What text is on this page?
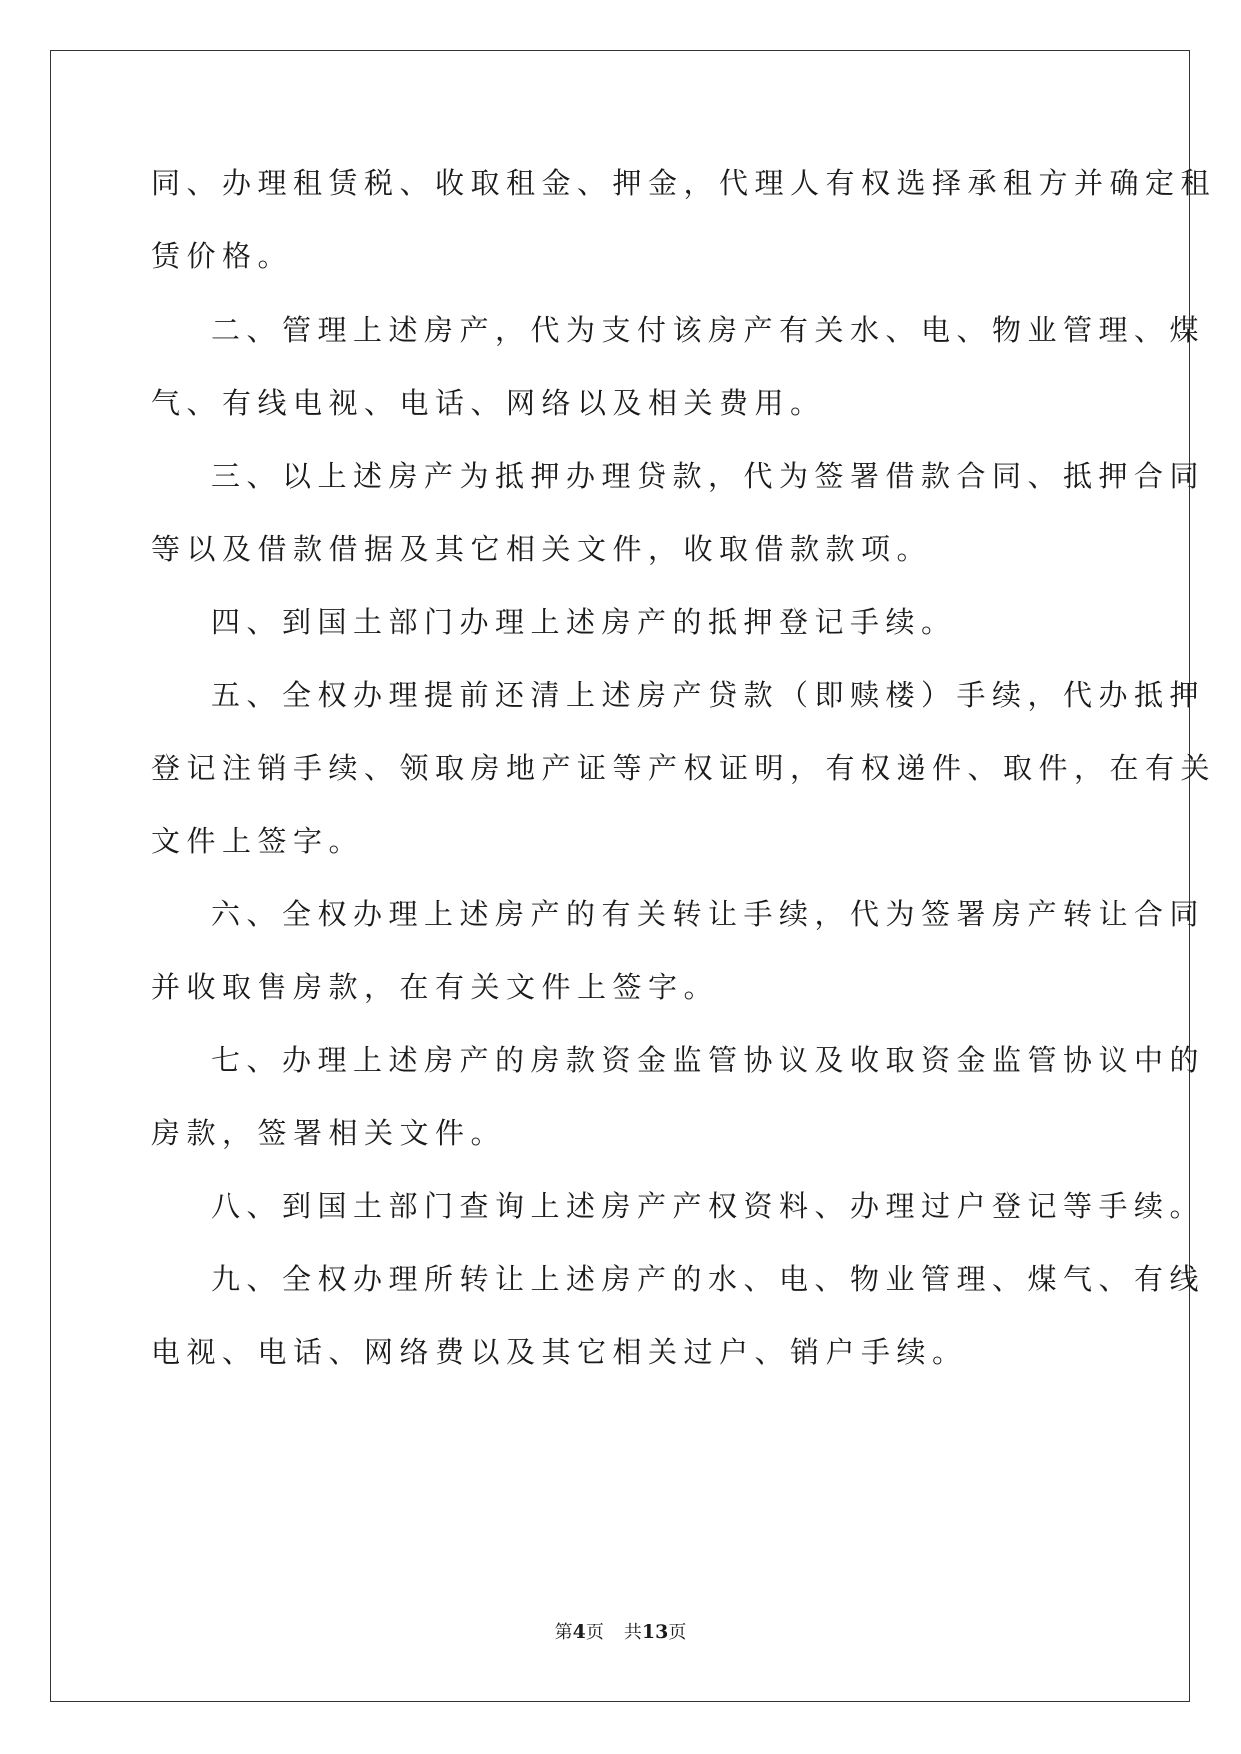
同、办理租赁税、收取租金、押金，代理人有权选择承租方并确定租
赁价格。
二、管理上述房产，代为支付该房产有关水、电、物业管理、煤
气、有线电视、电话、网络以及相关费用。
三、以上述房产为抵押办理贷款，代为签署借款合同、抵押合同
等以及借款借据及其它相关文件，收取借款款项。
四、到国土部门办理上述房产的抵押登记手续。
五、全权办理提前还清上述房产贷款（即赎楼）手续，代办抵押
登记注销手续、领取房地产证等产权证明，有权递件、取件，在有关
文件上签字。
六、全权办理上述房产的有关转让手续，代为签署房产转让合同
并收取售房款，在有关文件上签字。
七、办理上述房产的房款资金监管协议及收取资金监管协议中的
房款，签署相关文件。
八、到国土部门查询上述房产产权资料、办理过户登记等手续。
九、全权办理所转让上述房产的水、电、物业管理、煤气、有线
电视、电话、网络费以及其它相关过户、销户手续。
第4页 共13页
